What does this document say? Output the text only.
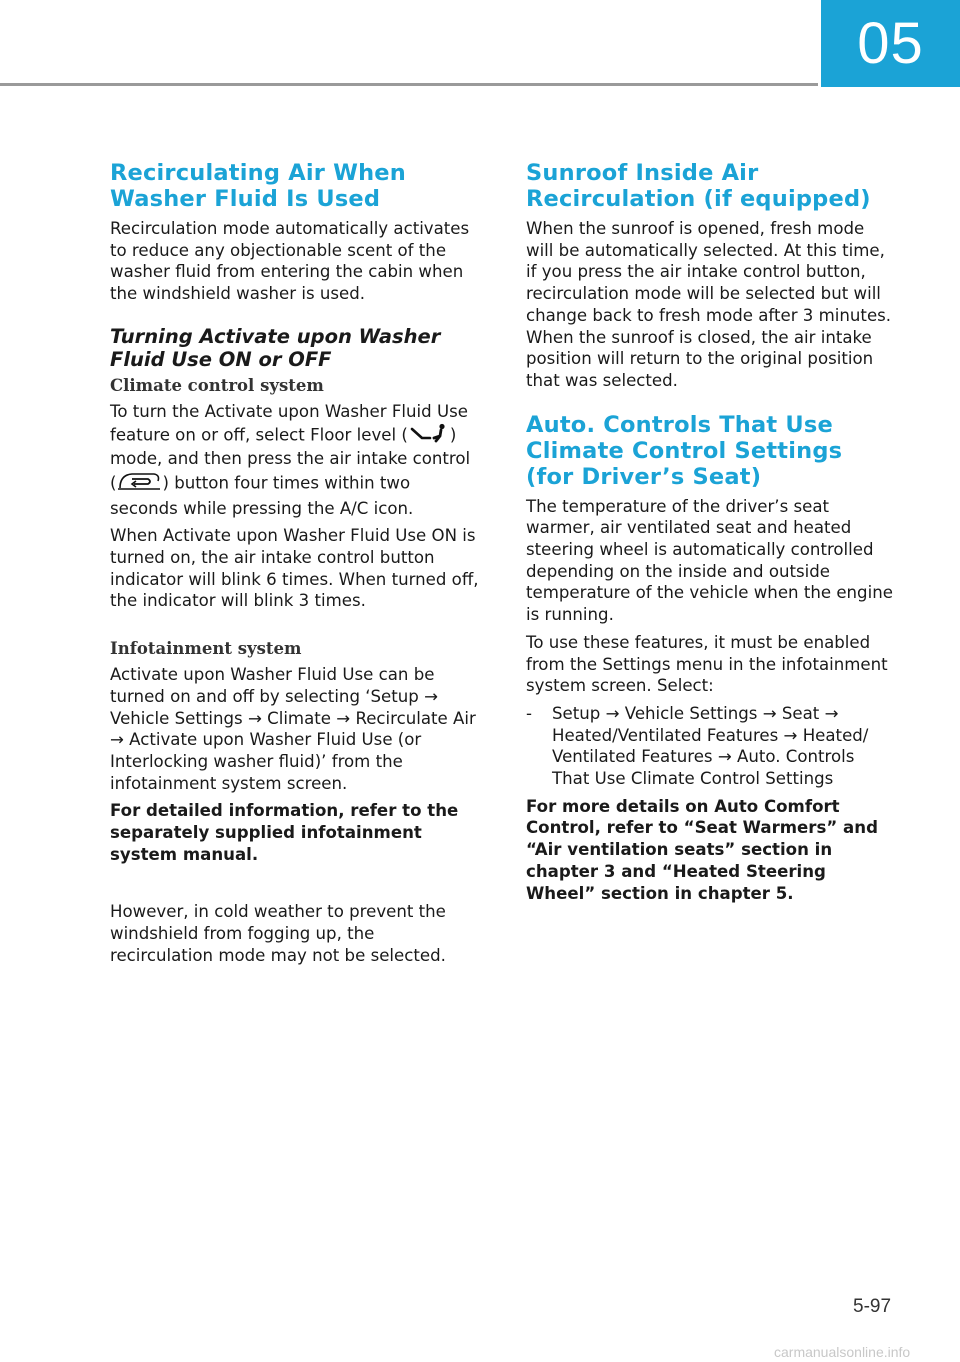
05
Recirculating Air When Washer Fluid Is Used

Recirculation mode automatically activates to reduce any objectionable scent of the washer fluid from entering the cabin when the windshield washer is used.

Turning Activate upon Washer Fluid Use ON or OFF
Climate control system

To turn the Activate upon Washer Fluid Use feature on or off, select Floor level (	) mode, and then press the air intake control (	) button four times within two seconds while pressing the A/C icon.

When Activate upon Washer Fluid Use ON is turned on, the air intake control button indicator will blink 6 times. When turned off, the indicator will blink 3 times.

Infotainment system

Activate upon Washer Fluid Use can be turned on and off by selecting ‘Setup → Vehicle Settings → Climate → Recirculate Air → Activate upon Washer Fluid Use (or Interlocking washer fluid)’ from the infotainment system screen.

For detailed information, refer to the separately supplied infotainment system manual.

However, in cold weather to prevent the windshield from fogging up, the recirculation mode may not be selected.

Sunroof Inside Air Recirculation (if equipped)

When the sunroof is opened, fresh mode will be automatically selected. At this time, if you press the air intake control button, recirculation mode will be selected but will change back to fresh mode after 3 minutes. When the sunroof is closed, the air intake position will return to the original position that was selected.

Auto. Controls That Use Climate Control Settings (for Driver’s Seat)

The temperature of the driver’s seat warmer, air ventilated seat and heated steering wheel is automatically controlled depending on the inside and outside temperature of the vehicle when the engine is running.

To use these features, it must be enabled from the Settings menu in the infotainment system screen. Select:

-	Setup → Vehicle Settings → Seat → Heated/Ventilated Features → Heated/ Ventilated Features → Auto. Controls That Use Climate Control Settings

For more details on Auto Comfort Control, refer to “Seat Warmers” and “Air ventilation seats” section in chapter 3 and “Heated Steering Wheel” section in chapter 5.

5-97
carmanualsonline.info
